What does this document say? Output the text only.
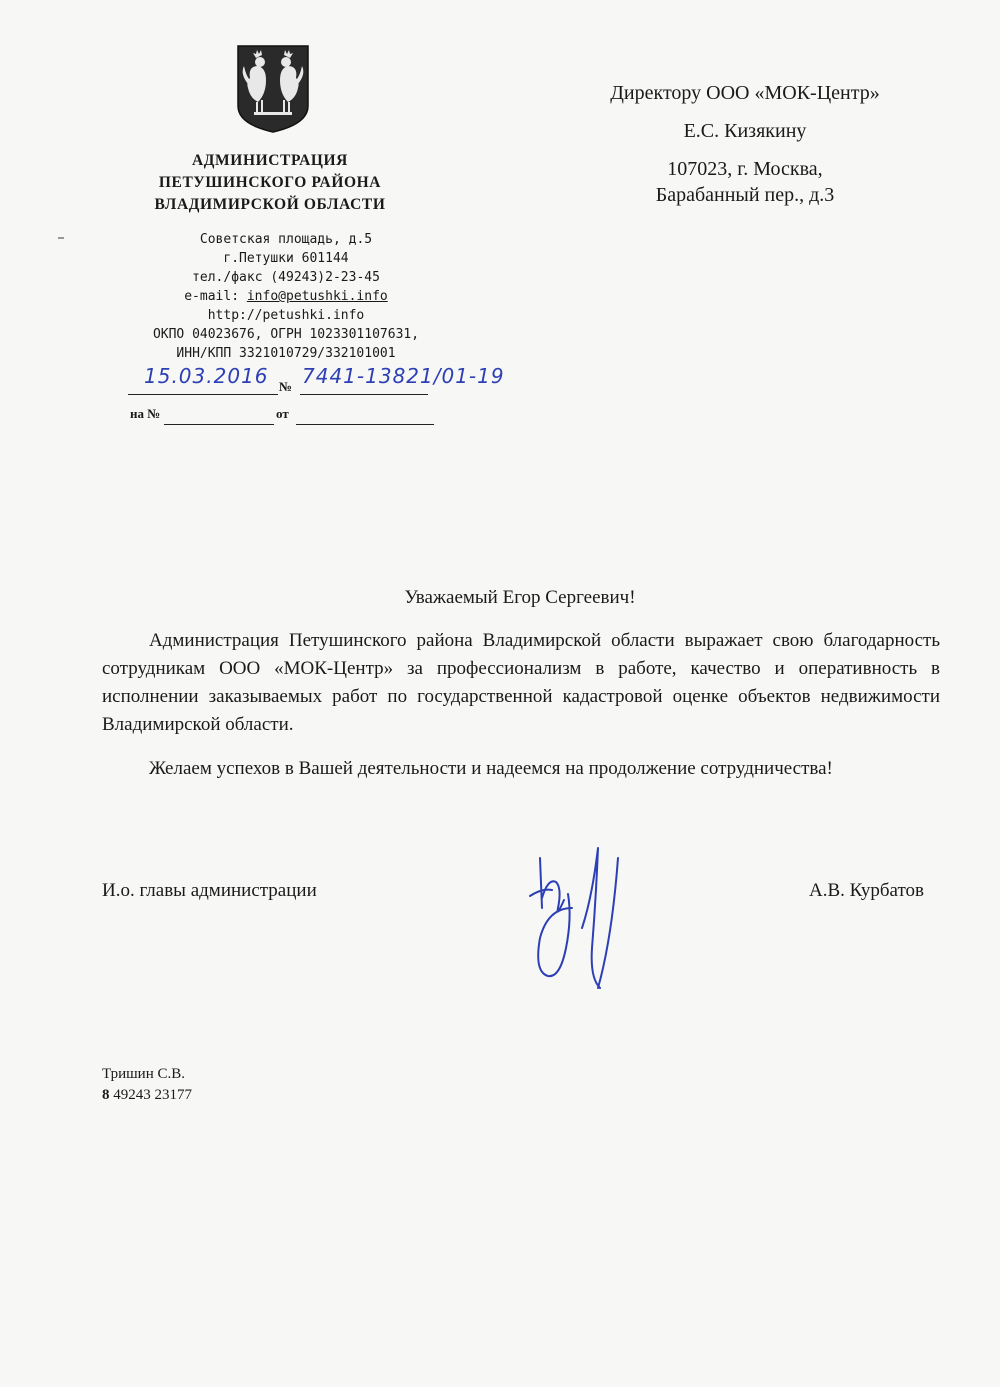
АДМИНИСТРАЦИЯ
ПЕТУШИНСКОГО РАЙОНА
ВЛАДИМИРСКОЙ ОБЛАСТИ
Советская площадь, д.5
г.Петушки 601144
тел./факс (49243)2-23-45
e-mail: info@petushki.info
http://petushki.info
ОКПО 04023676, ОГРН 1023301107631,
ИНН/КПП 3321010729/332101001
15.03.2016 № 7441-13821/01-19
на №	от
Директору ООО «МОК-Центр»
Е.С. Кизякину
107023, г. Москва,
Барабанный пер., д.3
Уважаемый Егор Сергеевич!
Администрация Петушинского района Владимирской области выражает свою благодарность сотрудникам ООО «МОК-Центр» за профессионализм в работе, качество и оперативность в исполнении заказываемых работ по государственной кадастровой оценке объектов недвижимости Владимирской области.
Желаем успехов в Вашей деятельности и надеемся на продолжение сотрудничества!
И.о. главы администрации	А.В. Курбатов
Тришин С.В.
8 49243 23177
